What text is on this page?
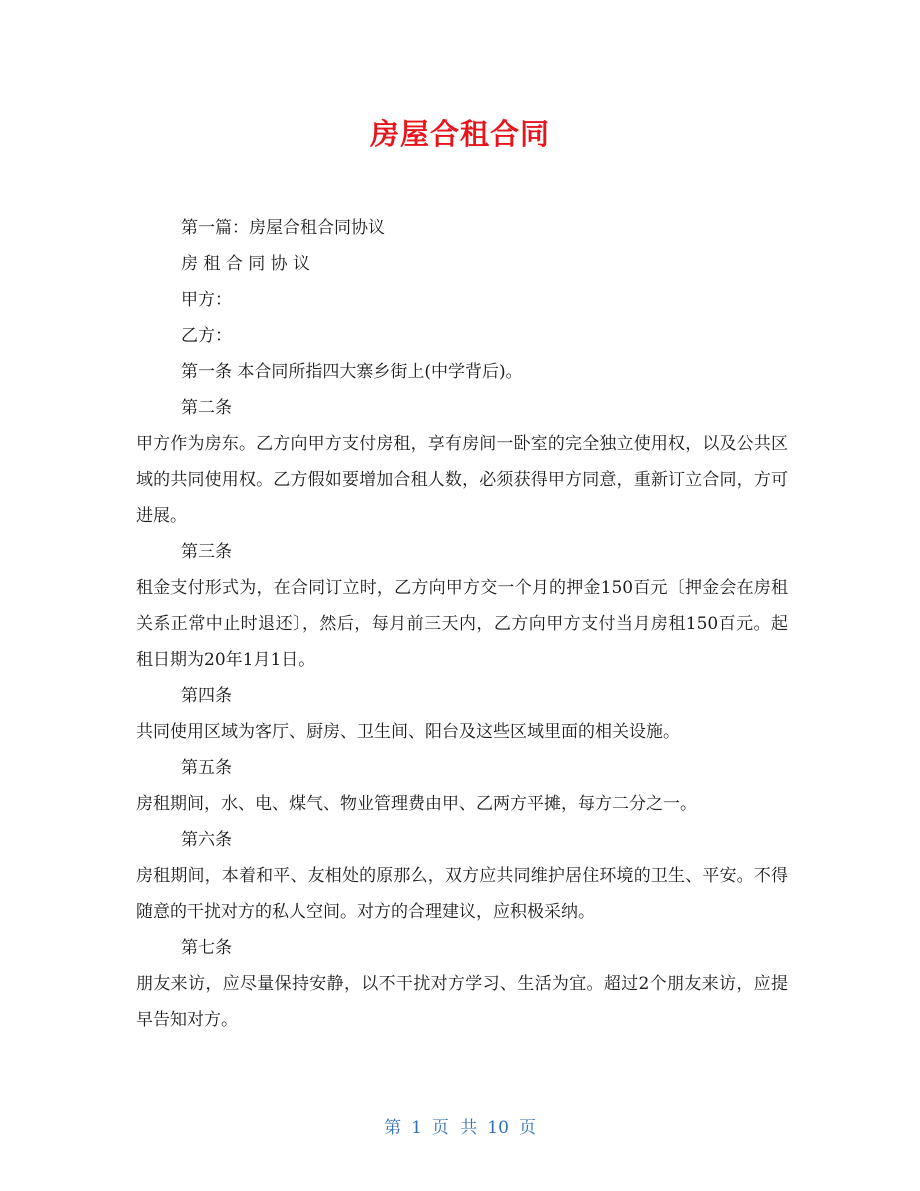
房屋合租合同

第一篇：房屋合租合同协议

房 租 合 同 协 议

甲方：

乙方：

第一条 本合同所指四大寨乡街上(中学背后)。

第二条

甲方作为房东。乙方向甲方支付房租，享有房间一卧室的完全独立使用权，以及公共区域的共同使用权。乙方假如要增加合租人数，必须获得甲方同意，重新订立合同，方可进展。

第三条

租金支付形式为，在合同订立时，乙方向甲方交一个月的押金150百元〔押金会在房租关系正常中止时退还〕，然后，每月前三天内，乙方向甲方支付当月房租150百元。起租日期为20年1月1日。

第四条

共同使用区域为客厅、厨房、卫生间、阳台及这些区域里面的相关设施。

第五条

房租期间，水、电、煤气、物业管理费由甲、乙两方平摊，每方二分之一。

第六条

房租期间，本着和平、友相处的原那么，双方应共同维护居住环境的卫生、平安。不得随意的干扰对方的私人空间。对方的合理建议，应积极采纳。

第七条

朋友来访，应尽量保持安静，以不干扰对方学习、生活为宜。超过2个朋友来访，应提早告知对方。

第 1 页 共 10 页
